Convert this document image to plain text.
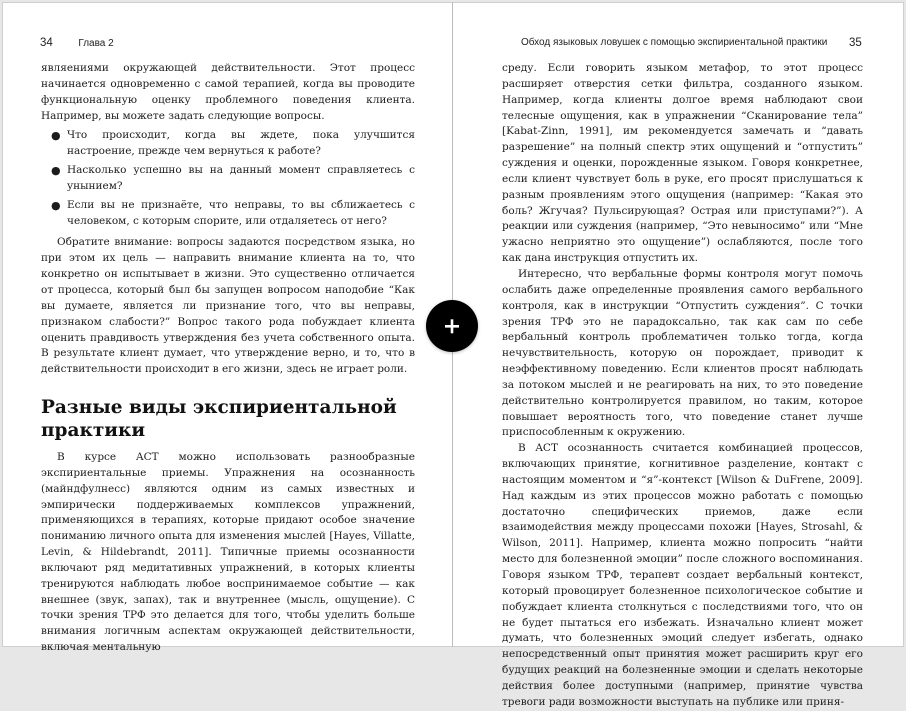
34	Глава 2

являениями окружающей действительности. Этот процесс начинается одновременно с самой терапией, когда вы проводите функциональную оценку проблемного поведения клиента. Например, вы можете задать следующие вопросы.

● Что происходит, когда вы ждете, пока улучшится настроение, прежде чем вернуться к работе?
● Насколько успешно вы на данный момент справляетесь с унынием?
● Если вы не признаёте, что неправы, то вы сближаетесь с человеком, с которым спорите, или отдаляетесь от него?

Обратите внимание: вопросы задаются посредством языка, но при этом их цель — направить внимание клиента на то, что конкретно он испытывает в жизни. Это существенно отличается от процесса, который был бы запущен вопросом наподобие “Как вы думаете, является ли признание того, что вы неправы, признаком слабости?” Вопрос такого рода побуждает клиента оценить правдивость утверждения без учета собственного опыта. В результате клиент думает, что утверждение верно, и то, что в действительности происходит в его жизни, здесь не играет роли.

Разные виды экспириентальной практики

В курсе ACT можно использовать разнообразные экспириентальные приемы. Упражнения на осознанность (майндфулнесс) являются одним из самых известных и эмпирически поддерживаемых комплексов упражнений, применяющихся в терапиях, которые придают особое значение пониманию личного опыта для изменения мыслей [Hayes, Villatte, Levin, & Hildebrandt, 2011]. Типичные приемы осознанности включают ряд медитативных упражнений, в которых клиенты тренируются наблюдать любое воспринимаемое событие — как внешнее (звук, запах), так и внутреннее (мысль, ощущение). С точки зрения ТРФ это делается для того, чтобы уделить больше внимания логичным аспектам окружающей действительности, включая ментальную

Обход языковых ловушек с помощью экспириентальной практики 35

среду. Если говорить языком метафор, то этот процесс расширяет отверстия сетки фильтра, созданного языком. Например, когда клиенты долгое время наблюдают свои телесные ощущения, как в упражнении “Сканирование тела” [Kabat-Zinn, 1991], им рекомендуется замечать и “давать разрешение” на полный спектр этих ощущений и “отпустить” суждения и оценки, порожденные языком. Говоря конкретнее, если клиент чувствует боль в руке, его просят прислушаться к разным проявлениям этого ощущения (например: “Какая это боль? Жгучая? Пульсирующая? Острая или приступами?”). А реакции или суждения (например, “Это невыносимо” или “Мне ужасно неприятно это ощущение”) ослабляются, после того как дана инструкция отпустить их.

Интересно, что вербальные формы контроля могут помочь ослабить даже определенные проявления самого вербального контроля, как в инструкции “Отпустить суждения”. С точки зрения ТРФ это не парадоксально, так как сам по себе вербальный контроль проблематичен только тогда, когда нечувствительность, которую он порождает, приводит к неэффективному поведению. Если клиентов просят наблюдать за потоком мыслей и не реагировать на них, то это поведение действительно контролируется правилом, но таким, которое повышает вероятность того, что поведение станет лучше приспособленным к окружению.

В ACT осознанность считается комбинацией процессов, включающих принятие, когнитивное разделение, контакт с настоящим моментом и “я”-контекст [Wilson & DuFrene, 2009]. Над каждым из этих процессов можно работать с помощью достаточно специфических приемов, даже если взаимодействия между процессами похожи [Hayes, Strosahl, & Wilson, 2011]. Например, клиента можно попросить “найти место для болезненной эмоции” после сложного воспоминания. Говоря языком ТРФ, терапевт создает вербальный контекст, который провоцирует болезненное психологическое событие и побуждает клиента столкнуться с последствиями того, что он не будет пытаться его избежать. Изначально клиент может думать, что болезненных эмоций следует избегать, однако непосредственный опыт принятия может расширить круг его будущих реакций на болезненные эмоции и сделать некоторые действия более доступными (например, принятие чувства тревоги ради возможности выступать на публике или приня-
